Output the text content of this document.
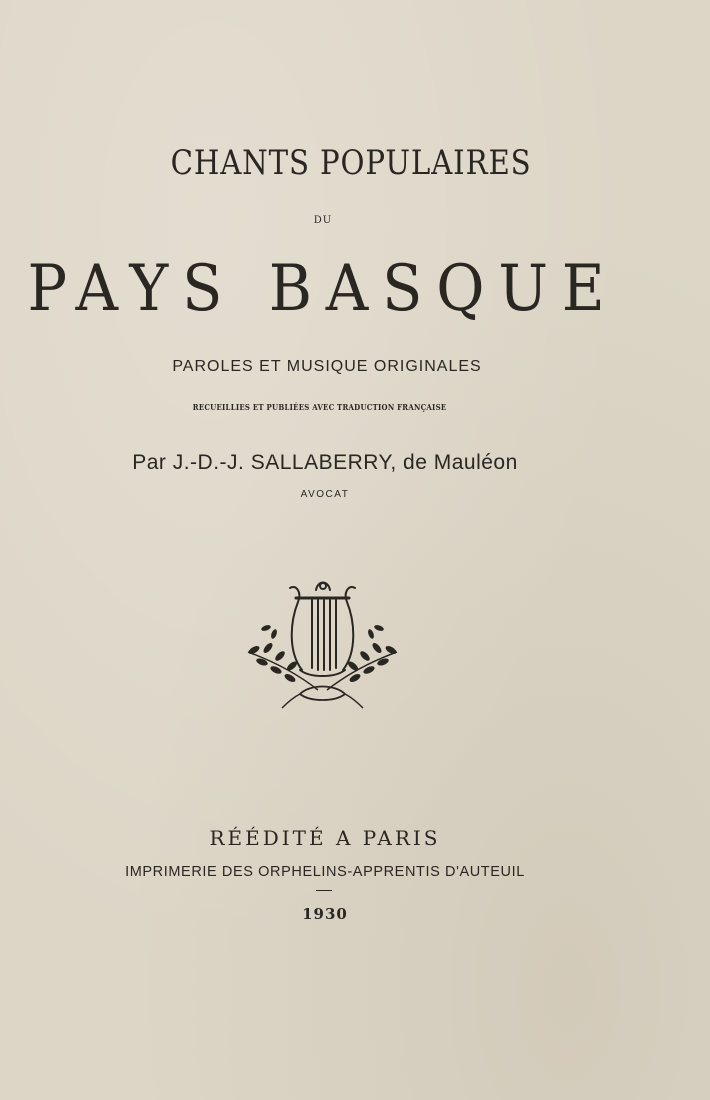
CHANTS POPULAIRES
DU
PAYS BASQUE
PAROLES ET MUSIQUE ORIGINALES
RECUEILLIES ET PUBLIÉES AVEC TRADUCTION FRANÇAISE
Par J.-D.-J. SALLABERRY, de Mauléon
AVOCAT
RÉÉDITÉ A PARIS
IMPRIMERIE DES ORPHELINS-APPRENTIS D'AUTEUIL
1930
